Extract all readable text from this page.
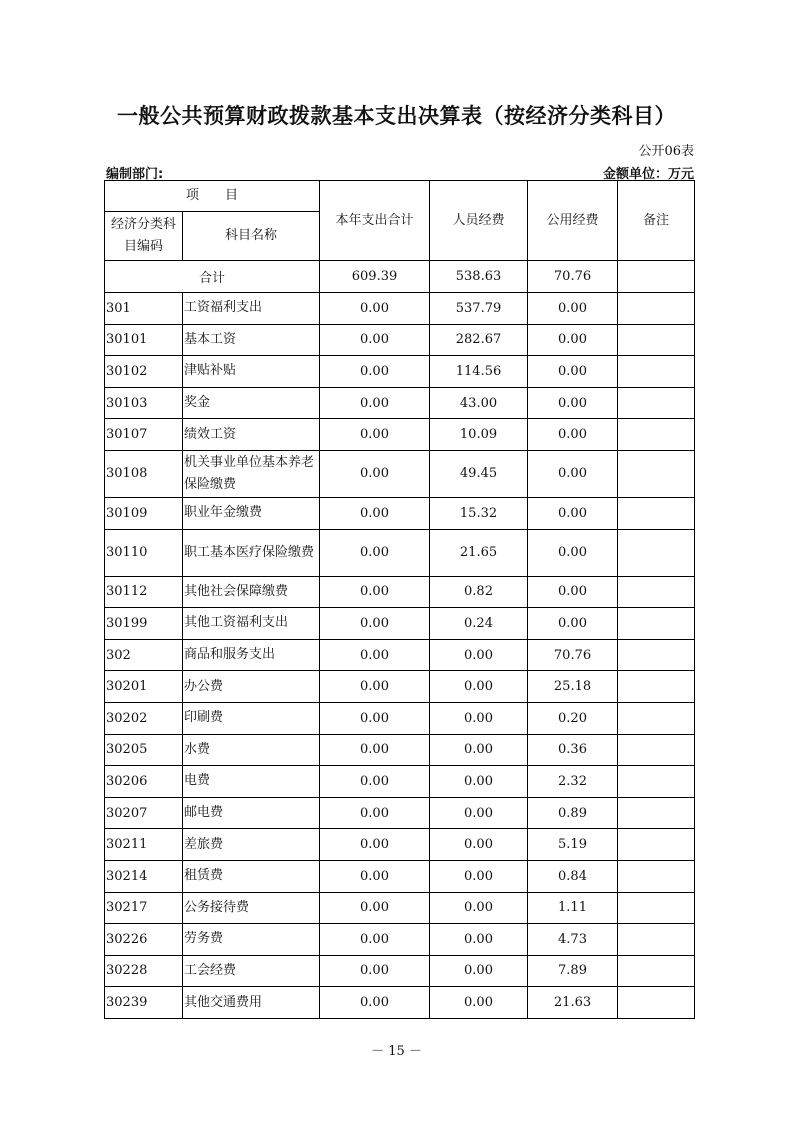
一般公共预算财政拨款基本支出决算表（按经济分类科目）
公开06表
编制部门:	金额单位：万元
项　　目		本年支出合计	人员经费	公用经费	备注
经济分类科目编码	科目名称				
合计		609.39	538.63	70.76	
301	工资福利支出	0.00	537.79	0.00	
30101	基本工资	0.00	282.67	0.00	
30102	津贴补贴	0.00	114.56	0.00	
30103	奖金	0.00	43.00	0.00	
30107	绩效工资	0.00	10.09	0.00	
30108	机关事业单位基本养老保险缴费	0.00	49.45	0.00	
30109	职业年金缴费	0.00	15.32	0.00	
30110	职工基本医疗保险缴费	0.00	21.65	0.00	
30112	其他社会保障缴费	0.00	0.82	0.00	
30199	其他工资福利支出	0.00	0.24	0.00	
302	商品和服务支出	0.00	0.00	70.76	
30201	办公费	0.00	0.00	25.18	
30202	印刷费	0.00	0.00	0.20	
30205	水费	0.00	0.00	0.36	
30206	电费	0.00	0.00	2.32	
30207	邮电费	0.00	0.00	0.89	
30211	差旅费	0.00	0.00	5.19	
30214	租赁费	0.00	0.00	0.84	
30217	公务接待费	0.00	0.00	1.11	
30226	劳务费	0.00	0.00	4.73	
30228	工会经费	0.00	0.00	7.89	
30239	其他交通费用	0.00	0.00	21.63	
－ 15 －
